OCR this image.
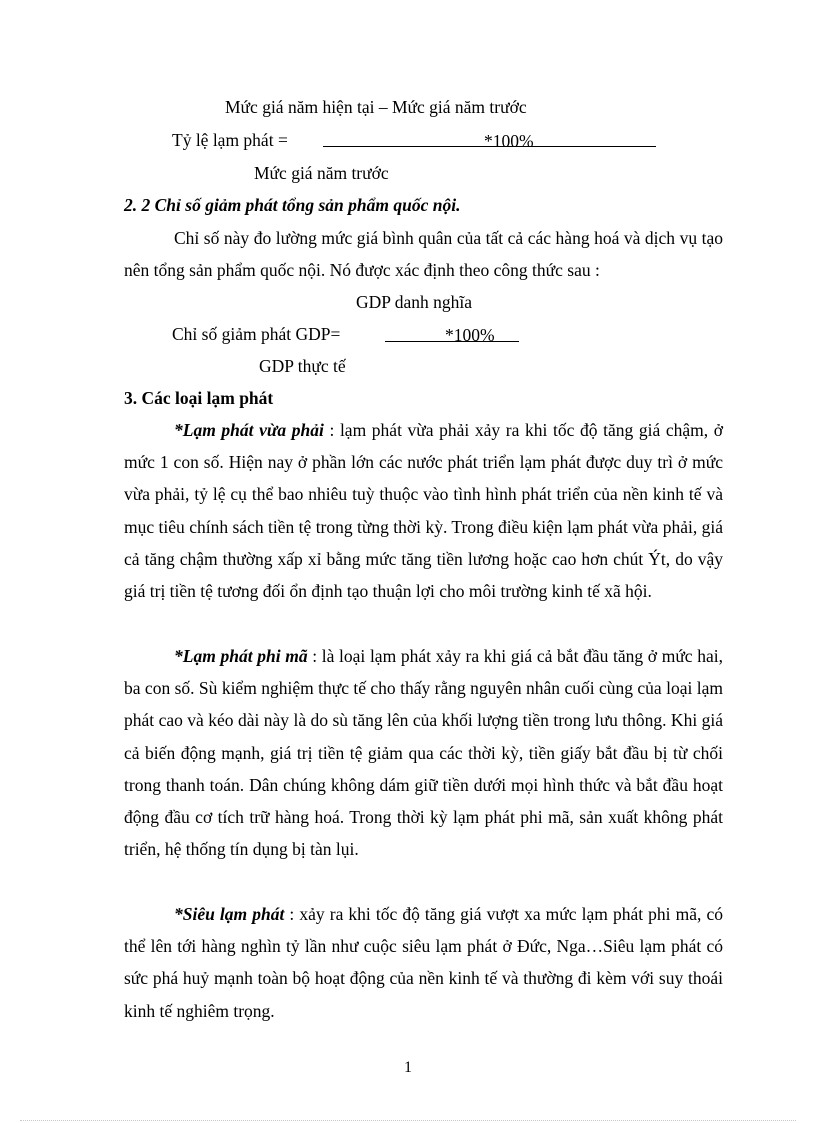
Mức giá năm hiện tại – Mức giá năm trước
Tỷ lệ lạm phát =	*100%
Mức giá năm trước
2. 2 Chỉ số giảm phát tổng sản phẩm quốc nội.

Chỉ số này đo lường mức giá bình quân của tất cả các hàng hoá và dịch vụ tạo nên tổng sản phẩm quốc nội. Nó được xác định theo công thức sau :

GDP danh nghĩa
Chỉ số giảm phát GDP=	*100%
GDP thực tế
3. Các loại lạm phát

*Lạm phát vừa phải : lạm phát vừa phải xảy ra khi tốc độ tăng giá chậm, ở mức 1 con số. Hiện nay ở phần lớn các nước phát triển lạm phát được duy trì ở mức vừa phải, tỷ lệ cụ thể bao nhiêu tuỳ thuộc vào tình hình phát triển của nền kinh tế và mục tiêu chính sách tiền tệ trong từng thời kỳ. Trong điều kiện lạm phát vừa phải, giá cả tăng chậm thường xấp xỉ bằng mức tăng tiền lương hoặc cao hơn chút Ýt, do vậy giá trị tiền tệ tương đối ổn định tạo thuận lợi cho môi trường kinh tế xã hội.

*Lạm phát phi mã : là loại lạm phát xảy ra khi giá cả bắt đầu tăng ở mức hai, ba con số. Sù kiểm nghiệm thực tế cho thấy rằng nguyên nhân cuối cùng của loại lạm phát cao và kéo dài này là do sù tăng lên của khối lượng tiền trong lưu thông. Khi giá cả biến động mạnh, giá trị tiền tệ giảm qua các thời kỳ, tiền giấy bắt đầu bị từ chối trong thanh toán. Dân chúng không dám giữ tiền dưới mọi hình thức và bắt đầu hoạt động đầu cơ tích trữ hàng hoá. Trong thời kỳ lạm phát phi mã, sản xuất không phát triển, hệ thống tín dụng bị tàn lụi.

*Siêu lạm phát : xảy ra khi tốc độ tăng giá vượt xa mức lạm phát phi mã, có thể lên tới hàng nghìn tỷ lần như cuộc siêu lạm phát ở Đức, Nga…Siêu lạm phát có sức phá huỷ mạnh toàn bộ hoạt động của nền kinh tế và thường đi kèm với suy thoái kinh tế nghiêm trọng.

1
